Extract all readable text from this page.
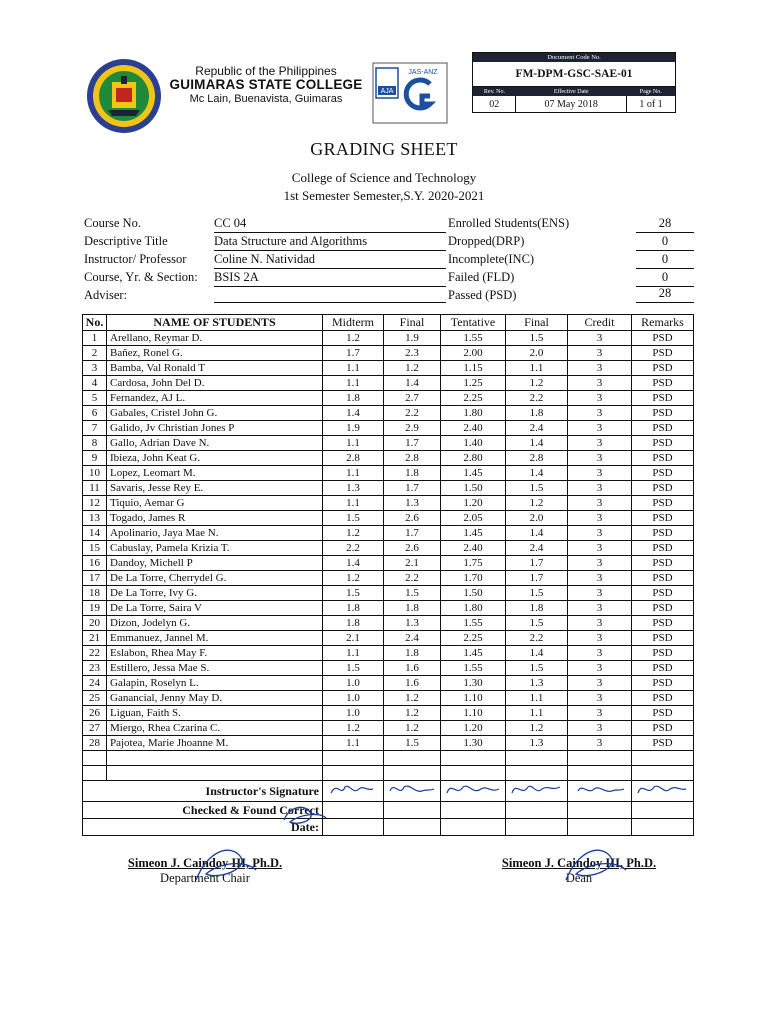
Republic of the Philippines
GUIMARAS STATE COLLEGE
Mc Lain, Buenavista, Guimaras
AJA
JAS-ANZ
Document Code No.
FM-DPM-GSC-SAE-01
Rev. No.	Effective Date	Page No.
02	07 May 2018	1 of 1
GRADING SHEET
College of Science and Technology
1st Semester Semester,S.Y. 2020-2021
Course No.	CC 04
Descriptive Title	Data Structure and Algorithms
Instructor/ Professor Coline N. Natividad
Course, Yr. & Section: BSIS 2A
Adviser:
Enrolled Students(ENS)	28
Dropped(DRP)	0
Incomplete(INC)	0
Failed (FLD)	0
Passed (PSD)	28
No.	NAME OF STUDENTS	Midterm	Final	Tentative	Final	Credit	Remarks
1	Arellano, Reymar D.	1.2	1.9	1.55	1.5	3	PSD
2	Bañez, Ronel G.	1.7	2.3	2.00	2.0	3	PSD
3	Bamba, Val Ronald T	1.1	1.2	1.15	1.1	3	PSD
4	Cardosa, John Del D.	1.1	1.4	1.25	1.2	3	PSD
5	Fernandez, AJ L.	1.8	2.7	2.25	2.2	3	PSD
6	Gabales, Cristel John G.	1.4	2.2	1.80	1.8	3	PSD
7	Galido, Jv Christian Jones P	1.9	2.9	2.40	2.4	3	PSD
8	Gallo, Adrian Dave N.	1.1	1.7	1.40	1.4	3	PSD
9	Ibieza, John Keat G.	2.8	2.8	2.80	2.8	3	PSD
10	Lopez, Leomart M.	1.1	1.8	1.45	1.4	3	PSD
11	Savaris, Jesse Rey E.	1.3	1.7	1.50	1.5	3	PSD
12	Tiquio, Aemar G	1.1	1.3	1.20	1.2	3	PSD
13	Togado, James R	1.5	2.6	2.05	2.0	3	PSD
14	Apolinario, Jaya Mae N.	1.2	1.7	1.45	1.4	3	PSD
15	Cabuslay, Pamela Krizia T.	2.2	2.6	2.40	2.4	3	PSD
16	Dandoy, Michell P	1.4	2.1	1.75	1.7	3	PSD
17	De La Torre, Cherrydel G.	1.2	2.2	1.70	1.7	3	PSD
18	De La Torre, Ivy G.	1.5	1.5	1.50	1.5	3	PSD
19	De La Torre, Saira V	1.8	1.8	1.80	1.8	3	PSD
20	Dizon, Jodelyn G.	1.8	1.3	1.55	1.5	3	PSD
21	Emmanuez, Jannel M.	2.1	2.4	2.25	2.2	3	PSD
22	Eslabon, Rhea May F.	1.1	1.8	1.45	1.4	3	PSD
23	Estillero, Jessa Mae S.	1.5	1.6	1.55	1.5	3	PSD
24	Galapin, Roselyn L.	1.0	1.6	1.30	1.3	3	PSD
25	Ganancial, Jenny May D.	1.0	1.2	1.10	1.1	3	PSD
26	Liguan, Faith S.	1.0	1.2	1.10	1.1	3	PSD
27	Miergo, Rhea Czarina C.	1.2	1.2	1.20	1.2	3	PSD
28	Pajotea, Marie Jhoanne M.	1.1	1.5	1.30	1.3	3	PSD

Instructor's Signature						
Checked & Found Correct							
Date:							
Simeon J. Caindoy III, Ph.D.
Department Chair
Simeon J. Caindoy III, Ph.D.
Dean
